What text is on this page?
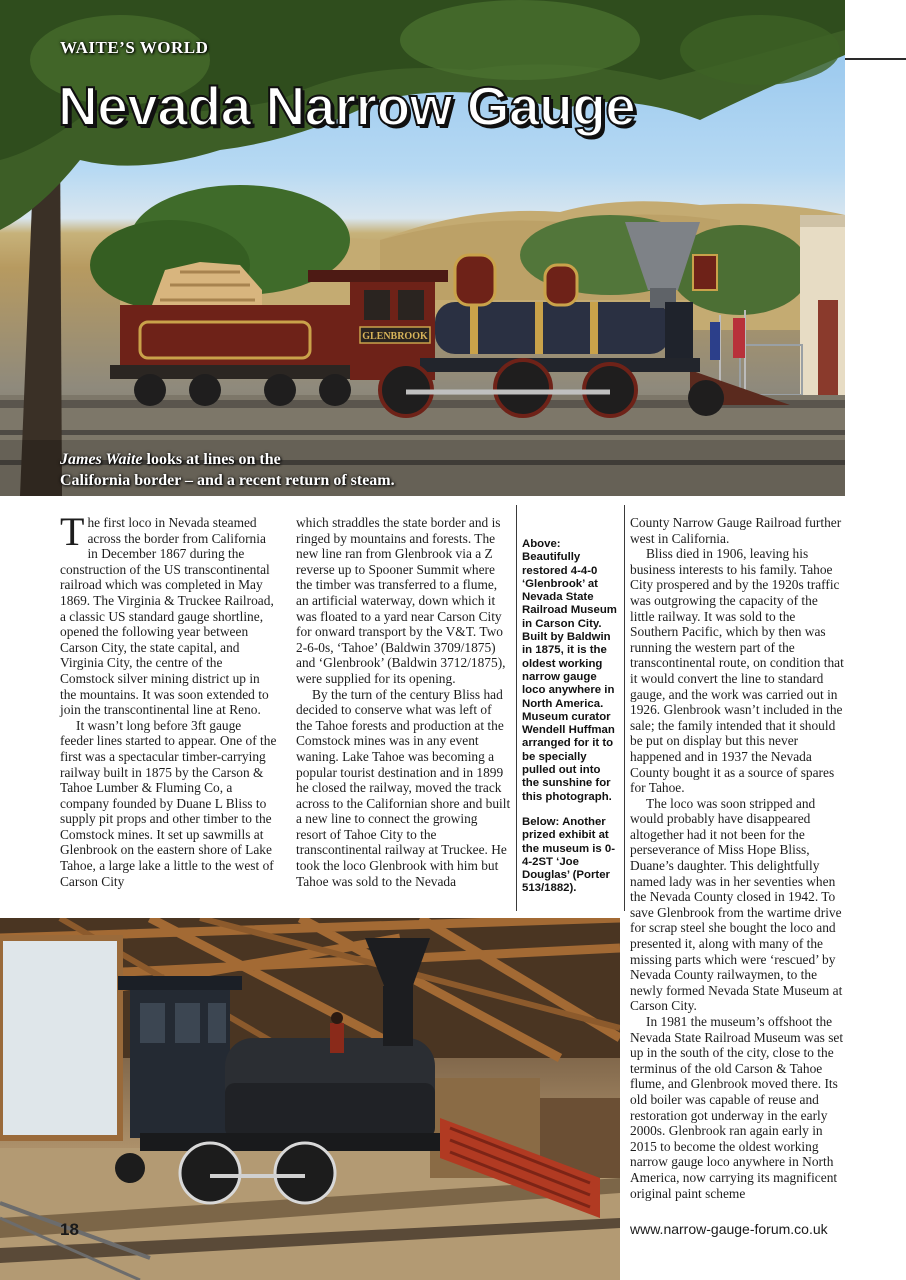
GLENBROOK
WAITE’S WORLD
Nevada Narrow Gauge
James Waite looks at lines on the
California border – and a recent return of steam.

The first loco in Nevada steamed across the border from California in December 1867 during the construction of the US transcontinental railroad which was completed in May 1869. The Virginia & Truckee Railroad, a classic US standard gauge shortline, opened the following year between Carson City, the state capital, and Virginia City, the centre of the Comstock silver mining district up in the mountains. It was soon extended to join the transcontinental line at Reno.

It wasn’t long before 3ft gauge feeder lines started to appear. One of the first was a spectacular timber-carrying railway built in 1875 by the Carson & Tahoe Lumber & Fluming Co, a company founded by Duane L Bliss to supply pit props and other timber to the Comstock mines. It set up sawmills at Glenbrook on the eastern shore of Lake Tahoe, a large lake a little to the west of Carson City

which straddles the state border and is ringed by mountains and forests. The new line ran from Glenbrook via a Z reverse up to Spooner Summit where the timber was transferred to a flume, an artificial waterway, down which it was floated to a yard near Carson City for onward transport by the V&T. Two 2-6-0s, ‘Tahoe’ (Baldwin 3709/1875) and ‘Glenbrook’ (Baldwin 3712/1875), were supplied for its opening.

By the turn of the century Bliss had decided to conserve what was left of the Tahoe forests and production at the Comstock mines was in any event waning. Lake Tahoe was becoming a popular tourist destination and in 1899 he closed the railway, moved the track across to the Californian shore and built a new line to connect the growing resort of Tahoe City to the transcontinental railway at Truckee. He took the loco Glenbrook with him but Tahoe was sold to the Nevada

Above: Beautifully restored 4-4-0 ‘Glenbrook’ at Nevada State Railroad Museum in Carson City. Built by Baldwin in 1875, it is the oldest working narrow gauge loco anywhere in North America. Museum curator Wendell Huffman arranged for it to be specially pulled out into the sunshine for this photograph.

Below: Another prized exhibit at the museum is 0-4-2ST ‘Joe Douglas’ (Porter 513/1882).

County Narrow Gauge Railroad further west in California.

Bliss died in 1906, leaving his business interests to his family. Tahoe City prospered and by the 1920s traffic was outgrowing the capacity of the little railway. It was sold to the Southern Pacific, which by then was running the western part of the transcontinental route, on condition that it would convert the line to standard gauge, and the work was carried out in 1926. Glenbrook wasn’t included in the sale; the family intended that it should be put on display but this never happened and in 1937 the Nevada County bought it as a source of spares for Tahoe.

The loco was soon stripped and would probably have disappeared altogether had it not been for the perseverance of Miss Hope Bliss, Duane’s daughter. This delightfully named lady was in her seventies when the Nevada County closed in 1942. To save Glenbrook from the wartime drive for scrap steel she bought the loco and presented it, along with many of the missing parts which were ‘rescued’ by Nevada County railwaymen, to the newly formed Nevada State Museum at Carson City.

In 1981 the museum’s offshoot the Nevada State Railroad Museum was set up in the south of the city, close to the terminus of the old Carson & Tahoe flume, and Glenbrook moved there. Its old boiler was capable of reuse and restoration got underway in the early 2000s. Glenbrook ran again early in 2015 to become the oldest working narrow gauge loco anywhere in North America, now carrying its magnificent original paint scheme

18	www.narrow-gauge-forum.co.uk
